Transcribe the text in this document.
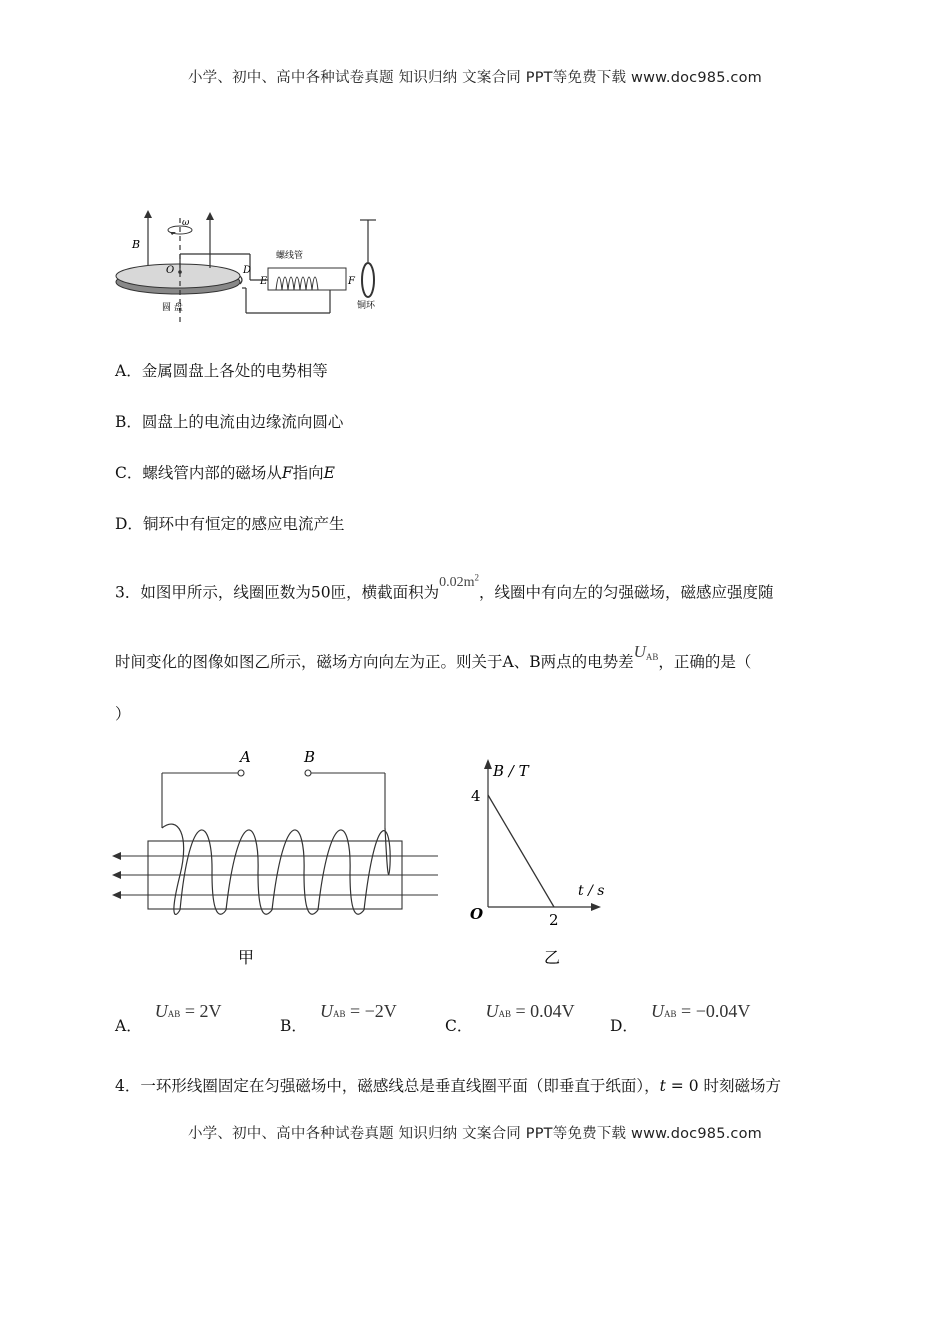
小学、初中、高中各种试卷真题 知识归纳 文案合同 PPT等免费下载 www.doc985.com
ω
B
O	D
螺线管
E	F
铜环
圆 盘
A．金属圆盘上各处的电势相等
B．圆盘上的电流由边缘流向圆心
C．螺线管内部的磁场从F指向E
D．铜环中有恒定的感应电流产生
3．如图甲所示，线圈匝数为50匝，横截面积为$0.02m^2$，线圈中有向左的匀强磁场，磁感应强度随
时间变化的图像如图乙所示，磁场方向向左为正。则关于A、B两点的电势差$U^{AB}$，正确的是（
）
A	B
甲
B / T
t / s
O
4
2
乙
A． UAB = 2V
B． UAB = −2V
C． UAB = 0.04V
D． UAB = −0.04V
4．一环形线圈固定在匀强磁场中，磁感线总是垂直线圈平面（即垂直于纸面），t = 0 时刻磁场方
小学、初中、高中各种试卷真题 知识归纳 文案合同 PPT等免费下载 www.doc985.com
